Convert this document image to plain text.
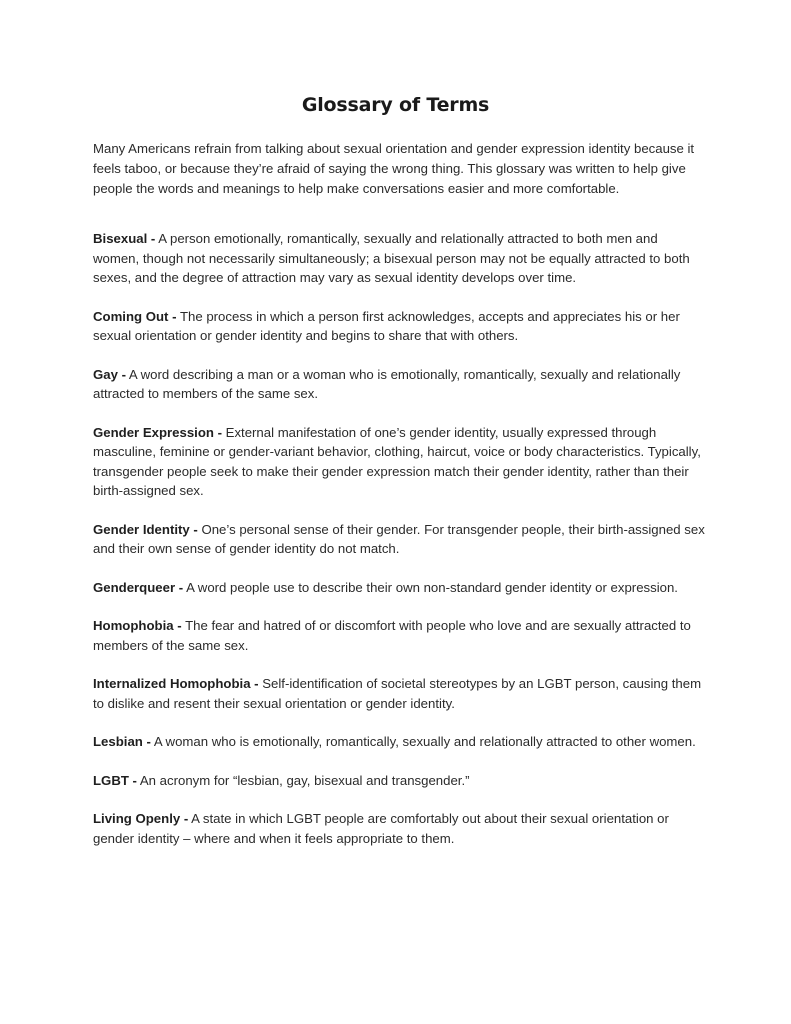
Glossary of Terms
Many Americans refrain from talking about sexual orientation and gender expression identity because it feels taboo, or because they’re afraid of saying the wrong thing. This glossary was written to help give people the words and meanings to help make conversations easier and more comfortable.

Bisexual - A person emotionally, romantically, sexually and relationally attracted to both men and women, though not necessarily simultaneously; a bisexual person may not be equally attracted to both sexes, and the degree of attraction may vary as sexual identity develops over time.

Coming Out - The process in which a person first acknowledges, accepts and appreciates his or her sexual orientation or gender identity and begins to share that with others.

Gay - A word describing a man or a woman who is emotionally, romantically, sexually and relationally attracted to members of the same sex.

Gender Expression - External manifestation of one’s gender identity, usually expressed through masculine, feminine or gender-variant behavior, clothing, haircut, voice or body characteristics. Typically, transgender people seek to make their gender expression match their gender identity, rather than their birth-assigned sex.

Gender Identity - One’s personal sense of their gender. For transgender people, their birth-assigned sex and their own sense of gender identity do not match.

Genderqueer - A word people use to describe their own non-standard gender identity or expression.

Homophobia - The fear and hatred of or discomfort with people who love and are sexually attracted to members of the same sex.

Internalized Homophobia - Self-identification of societal stereotypes by an LGBT person, causing them to dislike and resent their sexual orientation or gender identity.

Lesbian - A woman who is emotionally, romantically, sexually and relationally attracted to other women.

LGBT - An acronym for “lesbian, gay, bisexual and transgender.”

Living Openly - A state in which LGBT people are comfortably out about their sexual orientation or gender identity – where and when it feels appropriate to them.
